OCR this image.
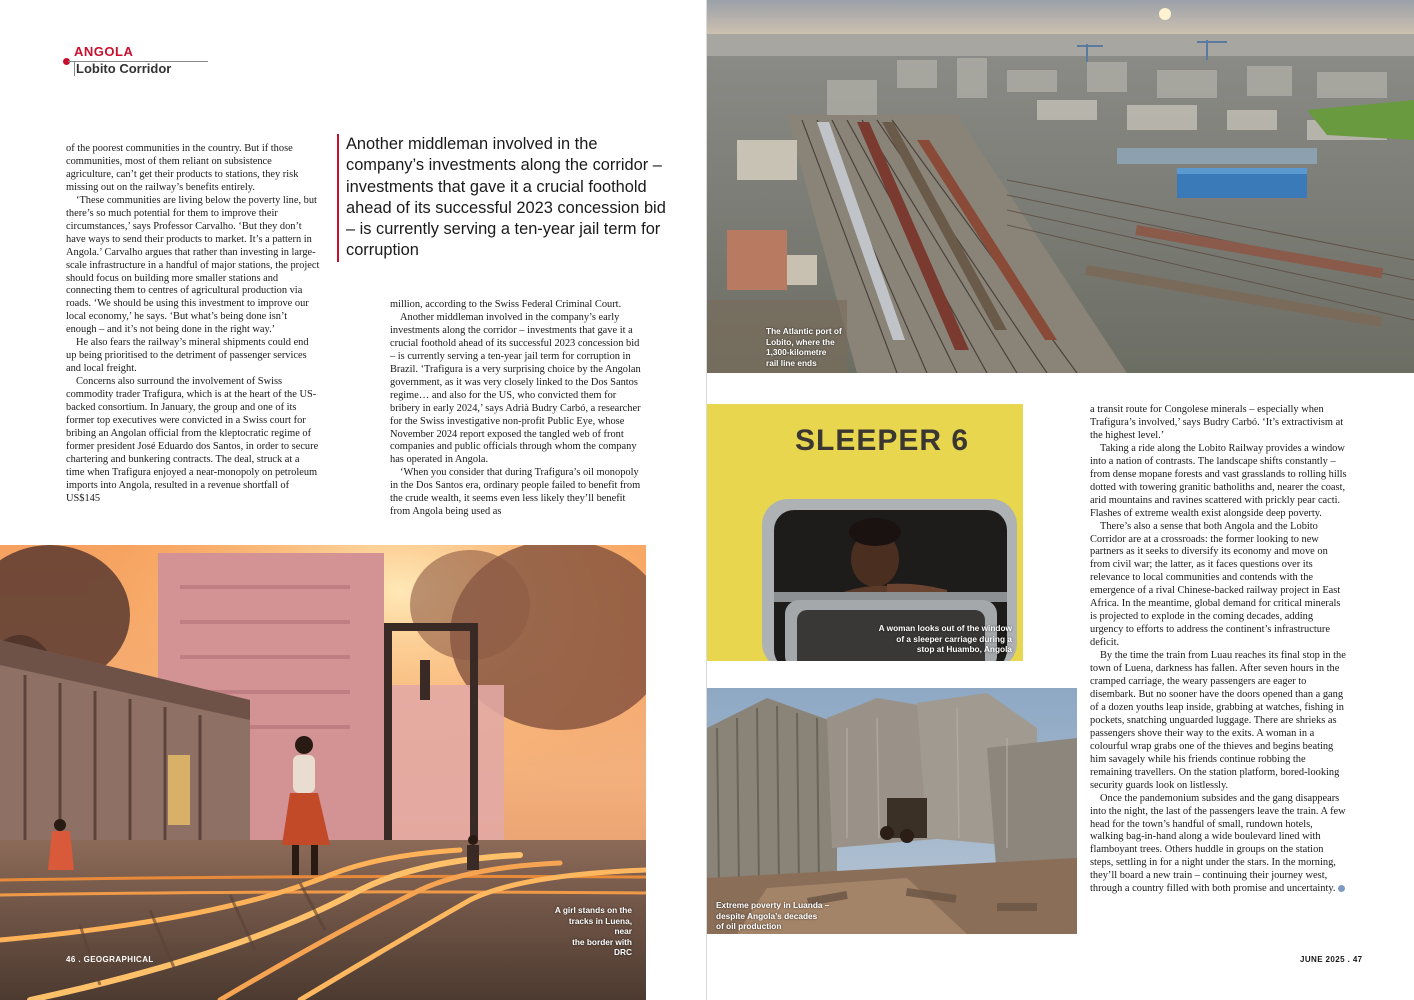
ANGOLA
Lobito Corridor

of the poorest communities in the country. But if those communities, most of them reliant on subsistence agriculture, can’t get their products to stations, they risk missing out on the railway’s benefits entirely.

‘These communities are living below the poverty line, but there’s so much potential for them to improve their circumstances,’ says Professor Carvalho. ‘But they don’t have ways to send their products to market. It’s a pattern in Angola.’ Carvalho argues that rather than investing in large-scale infrastructure in a handful of major stations, the project should focus on building more smaller stations and connecting them to centres of agricultural production via roads. ‘We should be using this investment to improve our local economy,’ he says. ‘But what’s being done isn’t enough – and it’s not being done in the right way.’

He also fears the railway’s mineral shipments could end up being prioritised to the detriment of passenger services and local freight.

Concerns also surround the involvement of Swiss commodity trader Trafigura, which is at the heart of the US-backed consortium. In January, the group and one of its former top executives were convicted in a Swiss court for bribing an Angolan official from the kleptocratic regime of former president José Eduardo dos Santos, in order to secure chartering and bunkering contracts. The deal, struck at a time when Trafigura enjoyed a near-monopoly on petroleum imports into Angola, resulted in a revenue shortfall of US$145

Another middleman involved in the company’s investments along the corridor – investments that gave it a crucial foothold ahead of its successful 2023 concession bid – is currently serving a ten-year jail term for corruption

million, according to the Swiss Federal Criminal Court.

Another middleman involved in the company’s early investments along the corridor – investments that gave it a crucial foothold ahead of its successful 2023 concession bid – is currently serving a ten-year jail term for corruption in Brazil. ‘Trafigura is a very surprising choice by the Angolan government, as it was very closely linked to the Dos Santos regime… and also for the US, who convicted them for bribery in early 2024,’ says Adrià Budry Carbó, a researcher for the Swiss investigative non-profit Public Eye, whose November 2024 report exposed the tangled web of front companies and public officials through whom the company has operated in Angola.

‘When you consider that during Trafigura’s oil monopoly in the Dos Santos era, ordinary people failed to benefit from the crude wealth, it seems even less likely they’ll benefit from Angola being used as

A girl stands on the
tracks in Luena, near
the border with DRC
46 . GEOGRAPHICAL
The Atlantic port of
Lobito, where the
1,300-kilometre
rail line ends
SLEEPER 6
A woman looks out of the window
of a sleeper carriage during a
stop at Huambo, Angola
Extreme poverty in Luanda –
despite Angola’s decades
of oil production

a transit route for Congolese minerals – especially when Trafigura’s involved,’ says Budry Carbó. ‘It’s extractivism at the highest level.’

Taking a ride along the Lobito Railway provides a window into a nation of contrasts. The landscape shifts constantly – from dense mopane forests and vast grasslands to rolling hills dotted with towering granitic batholiths and, nearer the coast, arid mountains and ravines scattered with prickly pear cacti. Flashes of extreme wealth exist alongside deep poverty.

There’s also a sense that both Angola and the Lobito Corridor are at a crossroads: the former looking to new partners as it seeks to diversify its economy and move on from civil war; the latter, as it faces questions over its relevance to local communities and contends with the emergence of a rival Chinese-backed railway project in East Africa. In the meantime, global demand for critical minerals is projected to explode in the coming decades, adding urgency to efforts to address the continent’s infrastructure deficit.

By the time the train from Luau reaches its final stop in the town of Luena, darkness has fallen. After seven hours in the cramped carriage, the weary passengers are eager to disembark. But no sooner have the doors opened than a gang of a dozen youths leap inside, grabbing at watches, fishing in pockets, snatching unguarded luggage. There are shrieks as passengers shove their way to the exits. A woman in a colourful wrap grabs one of the thieves and begins beating him savagely while his friends continue robbing the remaining travellers. On the station platform, bored-looking security guards look on listlessly.

Once the pandemonium subsides and the gang disappears into the night, the last of the passengers leave the train. A few head for the town’s handful of small, rundown hotels, walking bag-in-hand along a wide boulevard lined with flamboyant trees. Others huddle in groups on the station steps, settling in for a night under the stars. In the morning, they’ll board a new train – continuing their journey west, through a country filled with both promise and uncertainty.

JUNE 2025 . 47
